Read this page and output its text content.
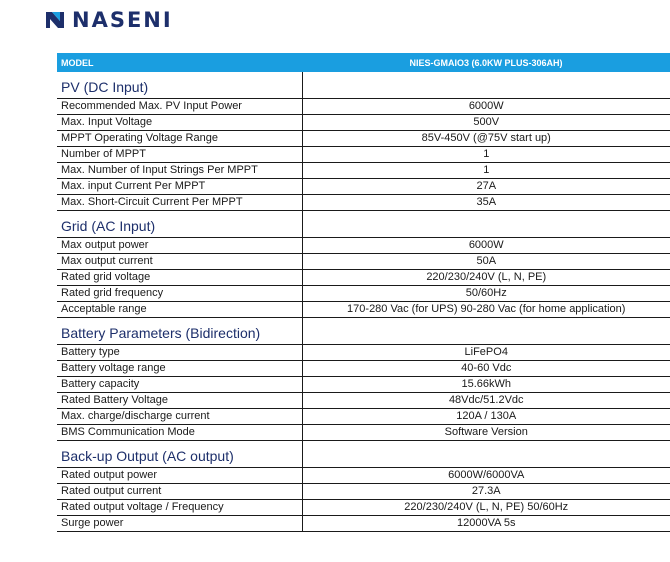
NASENI
MODEL	NIES-GMAIO3 (6.0KW PLUS-306AH)
PV (DC Input)	
Recommended Max. PV Input Power	6000W
Max. Input Voltage	500V
MPPT Operating Voltage Range	85V-450V (@75V start up)
Number of MPPT	1
Max. Number of Input Strings Per MPPT	1
Max. input Current Per MPPT	27A
Max. Short-Circuit Current Per MPPT	35A
Grid (AC Input)	
Max output power	6000W
Max output current	50A
Rated grid voltage	220/230/240V (L, N, PE)
Rated grid frequency	50/60Hz
Acceptable range	170-280 Vac (for UPS) 90-280 Vac (for home application)
Battery Parameters (Bidirection)	
Battery type	LiFePO4
Battery voltage range	40-60 Vdc
Battery capacity	15.66kWh
Rated Battery Voltage	48Vdc/51.2Vdc
Max. charge/discharge current	120A / 130A
BMS Communication Mode	Software Version
Back-up Output (AC output)	
Rated output power	6000W/6000VA
Rated output current	27.3A
Rated output voltage / Frequency	220/230/240V (L, N, PE) 50/60Hz
Surge power	12000VA 5s
